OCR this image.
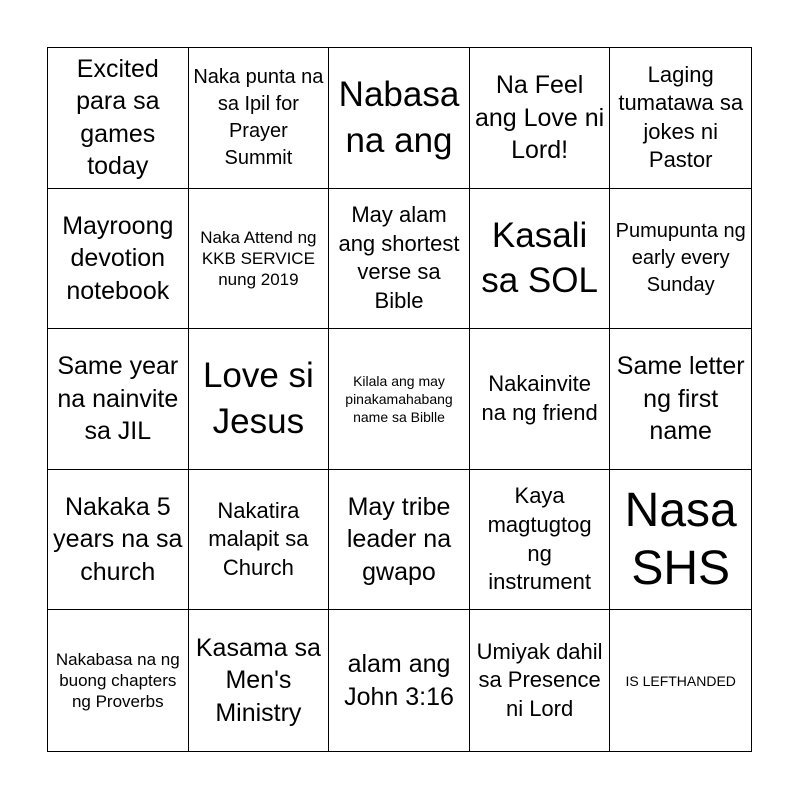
Excited para sa games today
Naka punta na sa Ipil for Prayer Summit
Nabasa na ang
Na Feel ang Love ni Lord!
Laging tumatawa sa jokes ni Pastor
Mayroong devotion notebook
Naka Attend ng KKB SERVICE nung 2019
May alam ang shortest verse sa Bible
Kasali sa SOL
Pumupunta ng early every Sunday
Same year na nainvite sa JIL
Love si Jesus
Kilala ang may pinakamahabang name sa Biblle
Nakainvite na ng friend
Same letter ng first name
Nakaka 5 years na sa church
Nakatira malapit sa Church
May tribe leader na gwapo
Kaya magtugtog ng instrument
Nasa SHS
Nakabasa na ng buong chapters ng Proverbs
Kasama sa Men's Ministry
alam ang John 3:16
Umiyak dahil sa Presence ni Lord
IS LEFTHANDED
